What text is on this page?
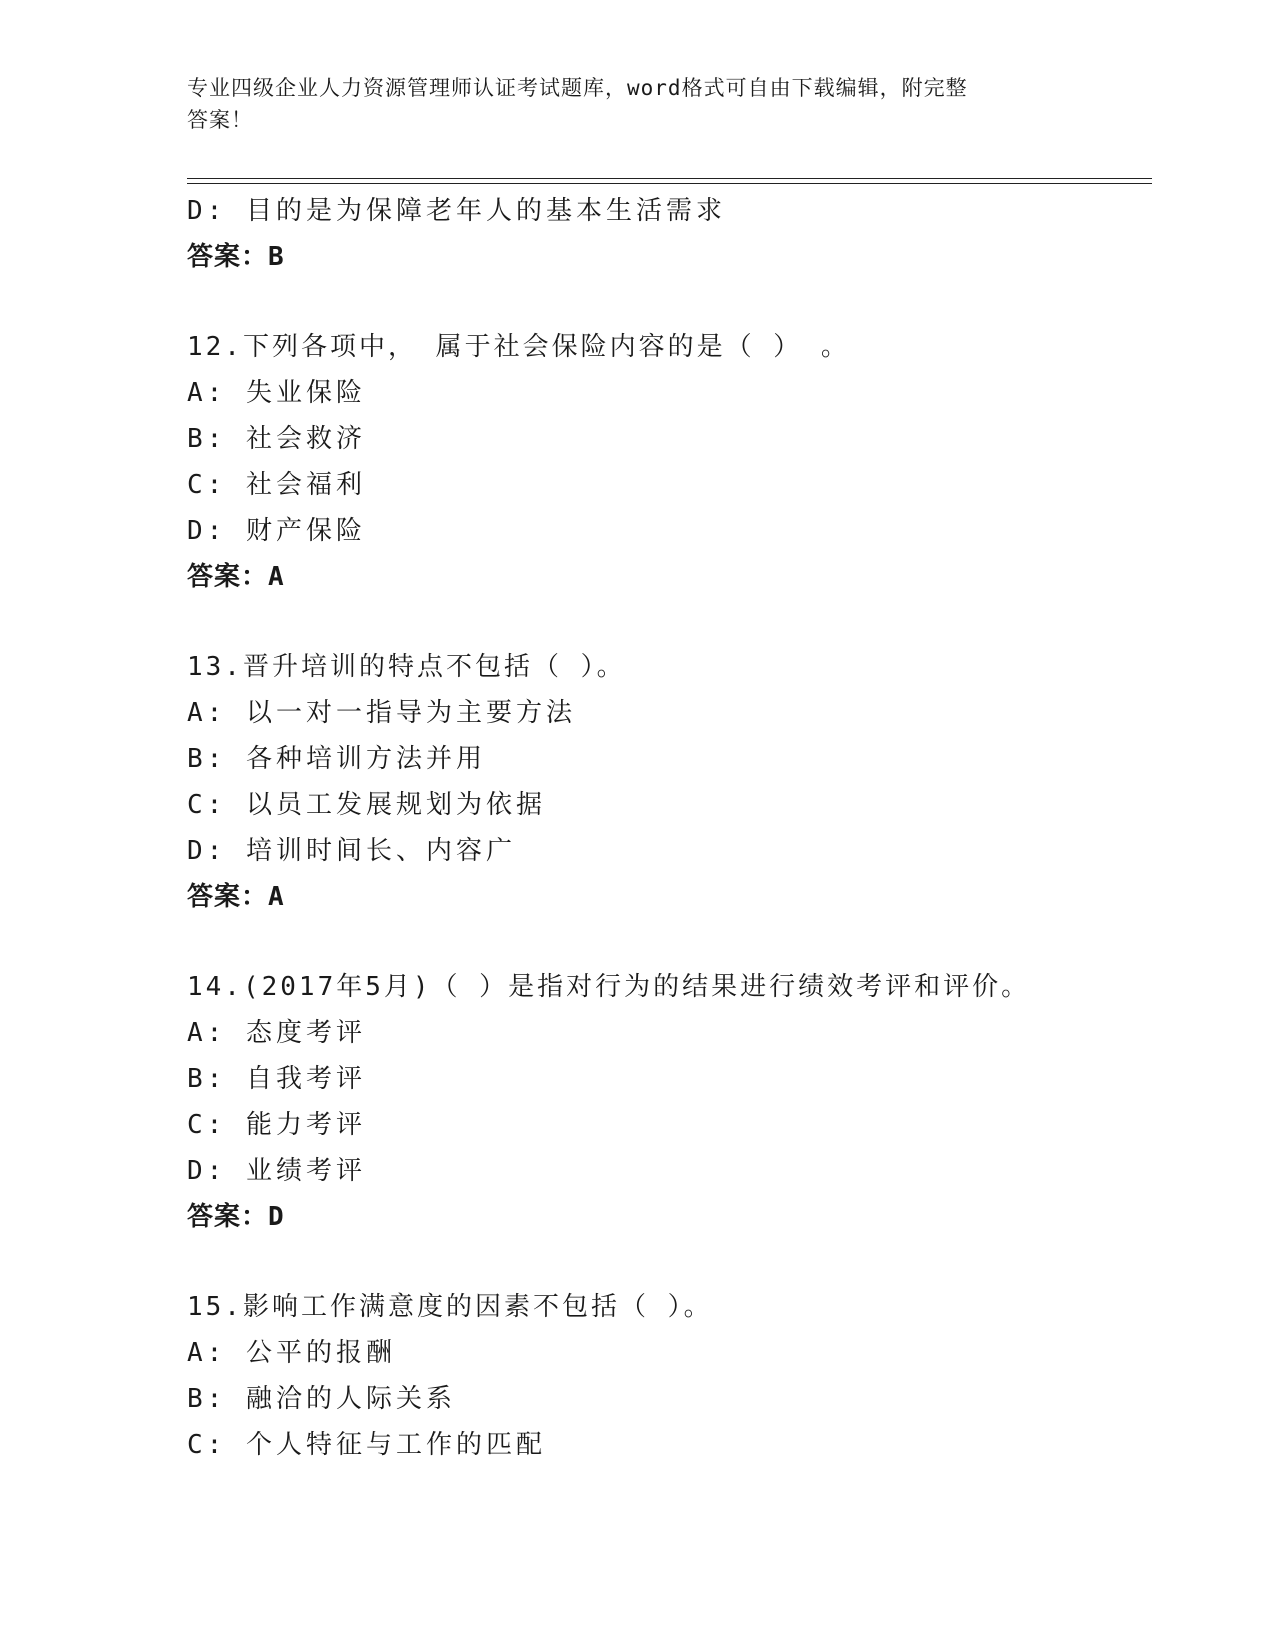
专业四级企业人力资源管理师认证考试题库，word格式可自由下载编辑，附完整
答案！
D: 目的是为保障老年人的基本生活需求
答案：B
12.下列各项中， 属于社会保险内容的是（ ） 。
A: 失业保险
B: 社会救济
C: 社会福利
D: 财产保险
答案：A
13.晋升培训的特点不包括（ ）。
A: 以一对一指导为主要方法
B: 各种培训方法并用
C: 以员工发展规划为依据
D: 培训时间长、内容广
答案：A
14.(2017年5月)（ ）是指对行为的结果进行绩效考评和评价。
A: 态度考评
B: 自我考评
C: 能力考评
D: 业绩考评
答案：D
15.影响工作满意度的因素不包括（ ）。
A: 公平的报酬
B: 融洽的人际关系
C: 个人特征与工作的匹配
